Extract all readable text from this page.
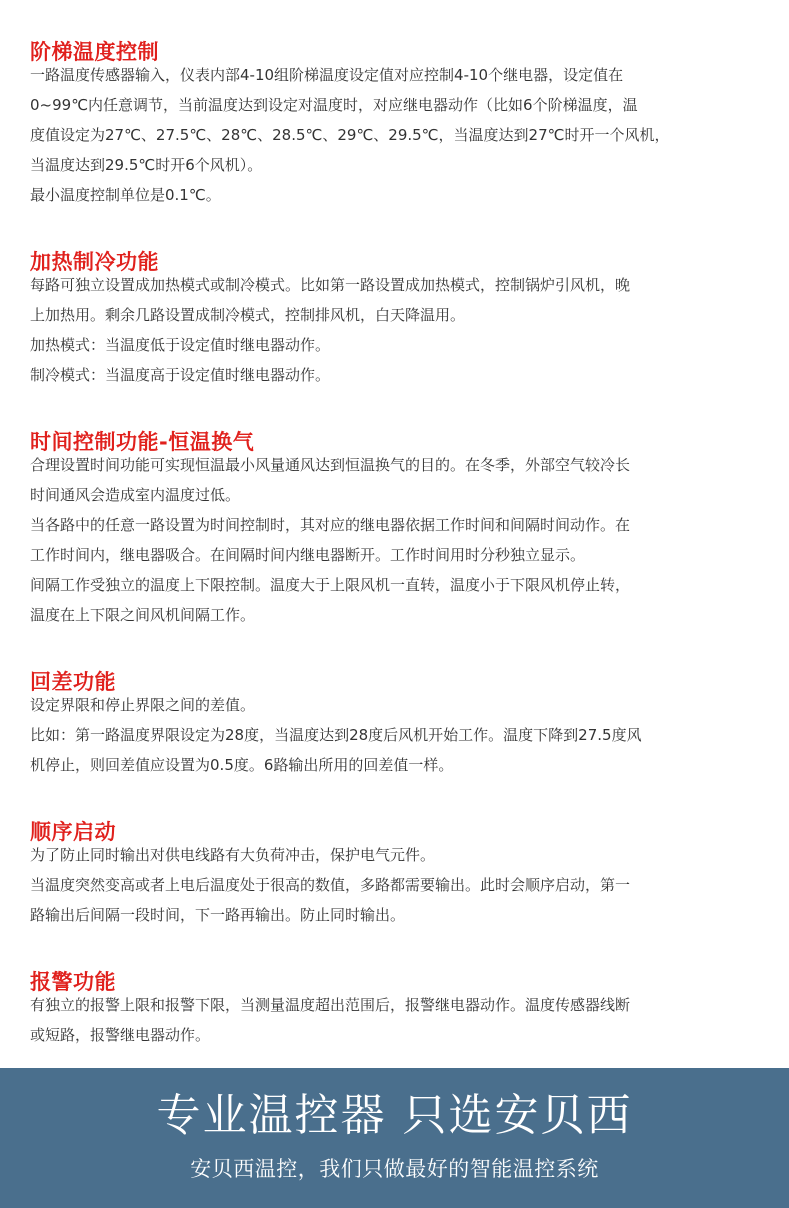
阶梯温度控制

一路温度传感器输入，仪表内部4-10组阶梯温度设定值对应控制4-10个继电器，设定值在

0~99℃内任意调节，当前温度达到设定对温度时，对应继电器动作（比如6个阶梯温度，温

度值设定为27℃、27.5℃、28℃、28.5℃、29℃、29.5℃，当温度达到27℃时开一个风机，

当温度达到29.5℃时开6个风机）。

最小温度控制单位是0.1℃。

加热制冷功能

每路可独立设置成加热模式或制冷模式。比如第一路设置成加热模式，控制锅炉引风机，晚

上加热用。剩余几路设置成制冷模式，控制排风机，白天降温用。

加热模式：当温度低于设定值时继电器动作。

制冷模式：当温度高于设定值时继电器动作。

时间控制功能-恒温换气

合理设置时间功能可实现恒温最小风量通风达到恒温换气的目的。在冬季，外部空气较冷长

时间通风会造成室内温度过低。

当各路中的任意一路设置为时间控制时，其对应的继电器依据工作时间和间隔时间动作。在

工作时间内，继电器吸合。在间隔时间内继电器断开。工作时间用时分秒独立显示。

间隔工作受独立的温度上下限控制。温度大于上限风机一直转，温度小于下限风机停止转，

温度在上下限之间风机间隔工作。

回差功能

设定界限和停止界限之间的差值。

比如：第一路温度界限设定为28度，当温度达到28度后风机开始工作。温度下降到27.5度风

机停止，则回差值应设置为0.5度。6路输出所用的回差值一样。

顺序启动

为了防止同时输出对供电线路有大负荷冲击，保护电气元件。

当温度突然变高或者上电后温度处于很高的数值，多路都需要输出。此时会顺序启动，第一

路输出后间隔一段时间，下一路再输出。防止同时输出。

报警功能

有独立的报警上限和报警下限，当测量温度超出范围后，报警继电器动作。温度传感器线断

或短路，报警继电器动作。

专业温控器 只选安贝西
安贝西温控，我们只做最好的智能温控系统
